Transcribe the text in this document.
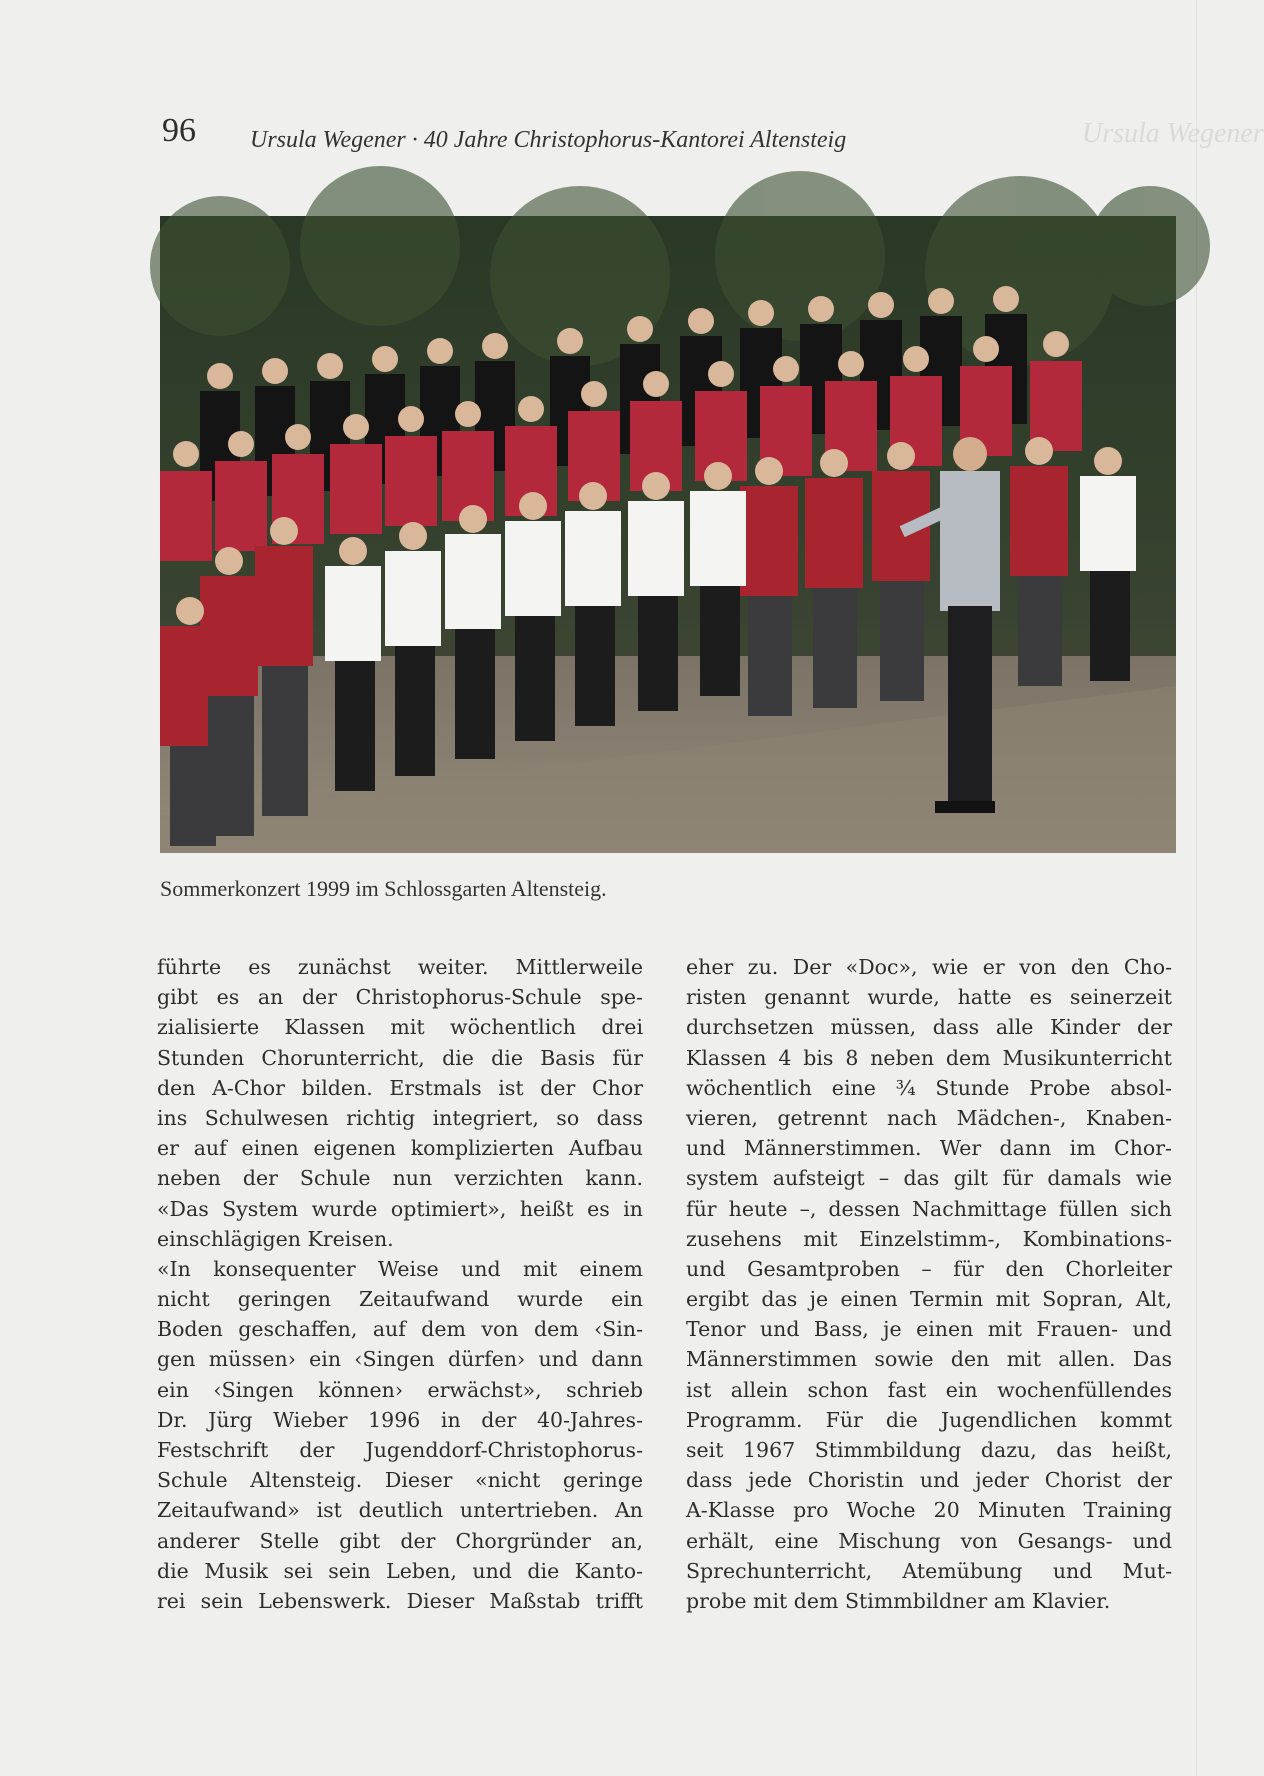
Ursula Wegener
96 Ursula Wegener · 40 Jahre Christophorus-Kantorei Altensteig
Sommerkonzert 1999 im Schlossgarten Altensteig.

führte es zunächst weiter. Mittlerweile
gibt es an der Christophorus-Schule spe-
zialisierte Klassen mit wöchentlich drei
Stunden Chorunterricht, die die Basis für
den A-Chor bilden. Erstmals ist der Chor
ins Schulwesen richtig integriert, so dass
er auf einen eigenen komplizierten Aufbau
neben der Schule nun verzichten kann.
«Das System wurde optimiert», heißt es in
einschlägigen Kreisen.
«In konsequenter Weise und mit einem
nicht geringen Zeitaufwand wurde ein
Boden geschaffen, auf dem von dem ‹Sin-
gen müssen› ein ‹Singen dürfen› und dann
ein ‹Singen können› erwächst», schrieb
Dr. Jürg Wieber 1996 in der 40-Jahres-
Festschrift der Jugenddorf-Christophorus-
Schule Altensteig. Dieser «nicht geringe
Zeitaufwand» ist deutlich untertrieben. An
anderer Stelle gibt der Chorgründer an,
die Musik sei sein Leben, und die Kanto-
rei sein Lebenswerk. Dieser Maßstab trifft

eher zu. Der «Doc», wie er von den Cho-
risten genannt wurde, hatte es seinerzeit
durchsetzen müssen, dass alle Kinder der
Klassen 4 bis 8 neben dem Musikunterricht
wöchentlich eine ¾ Stunde Probe absol-
vieren, getrennt nach Mädchen-, Knaben-
und Männerstimmen. Wer dann im Chor-
system aufsteigt – das gilt für damals wie
für heute –, dessen Nachmittage füllen sich
zusehens mit Einzelstimm-, Kombinations-
und Gesamtproben – für den Chorleiter
ergibt das je einen Termin mit Sopran, Alt,
Tenor und Bass, je einen mit Frauen- und
Männerstimmen sowie den mit allen. Das
ist allein schon fast ein wochenfüllendes
Programm. Für die Jugendlichen kommt
seit 1967 Stimmbildung dazu, das heißt,
dass jede Choristin und jeder Chorist der
A-Klasse pro Woche 20 Minuten Training
erhält, eine Mischung von Gesangs- und
Sprechunterricht, Atemübung und Mut-
probe mit dem Stimmbildner am Klavier.
